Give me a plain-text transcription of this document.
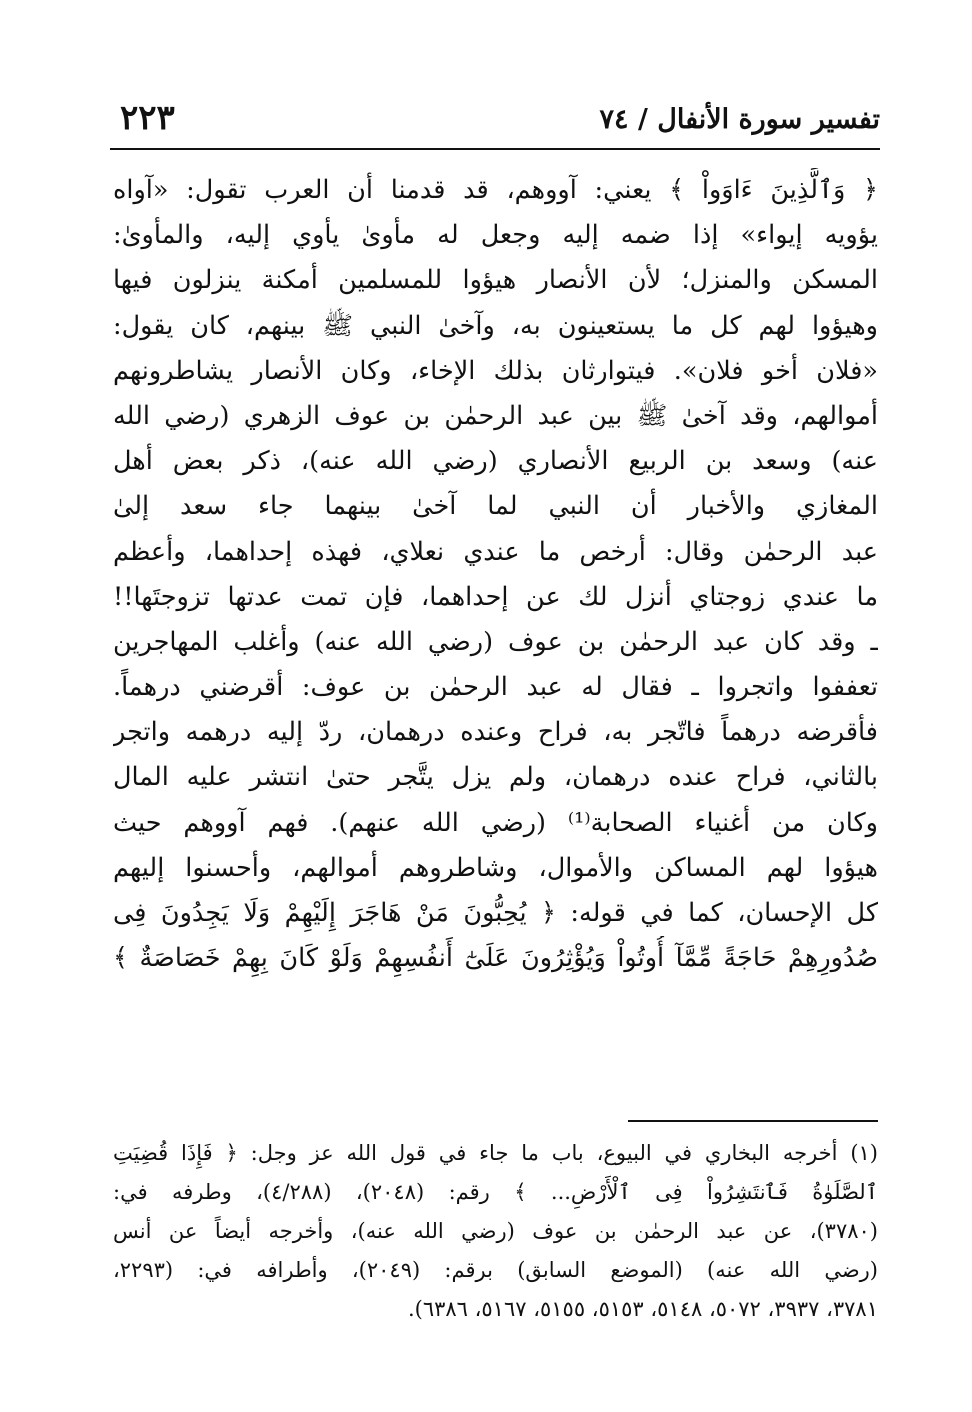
تفسير سورة الأنفال / ٧٤
٢٢٣
﴿ وَٱلَّذِينَ ءَاوَواْ ﴾ يعني: آووهم، قد قدمنا أن العرب تقول: «آواه
يؤويه إيواء» إذا ضمه إليه وجعل له مأوىٰ يأوي إليه، والمأوىٰ:
المسكن والمنزل؛ لأن الأنصار هيؤوا للمسلمين أمكنة ينزلون فيها
وهيؤوا لهم كل ما يستعينون به، وآخىٰ النبي ﷺ بينهم، كان يقول:
«فلان أخو فلان». فيتوارثان بذلك الإخاء، وكان الأنصار يشاطرونهم
أموالهم، وقد آخىٰ ﷺ بين عبد الرحمٰن بن عوف الزهري (رضي الله
عنه) وسعد بن الربيع الأنصاري (رضي الله عنه)، ذكر بعض أهل
المغازي والأخبار أن النبي لما آخىٰ بينهما جاء سعد إلىٰ
عبد الرحمٰن وقال: أرخص ما عندي نعلاي، فهذه إحداهما، وأعظم
ما عندي زوجتاي أنزل لك عن إحداهما، فإن تمت عدتها تزوجتَها!!
ـ وقد كان عبد الرحمٰن بن عوف (رضي الله عنه) وأغلب المهاجرين
تعففوا واتجروا ـ فقال له عبد الرحمٰن بن عوف: أقرضني درهماً.
فأقرضه درهماً فاتّجر به، فراح وعنده درهمان، ردّ إليه درهمه واتجر
بالثاني، فراح عنده درهمان، ولم يزل يتَّجر حتىٰ انتشر عليه المال
وكان من أغنياء الصحابة⁽¹⁾ (رضي الله عنهم). فهم آووهم حيث
هيؤوا لهم المساكن والأموال، وشاطروهم أموالهم، وأحسنوا إليهم
كل الإحسان، كما في قوله: ﴿ يُحِبُّونَ مَنْ هَاجَرَ إِلَيْهِمْ وَلَا يَجِدُونَ فِى
صُدُورِهِمْ حَاجَةً مِّمَّآ أُوتُواْ وَيُؤْثِرُونَ عَلَىٰٓ أَنفُسِهِمْ وَلَوْ كَانَ بِهِمْ خَصَاصَةٌ ﴾
(١) أخرجه البخاري في البيوع، باب ما جاء في قول الله عز وجل: ﴿ فَإِذَا قُضِيَتِ
ٱلصَّلَوٰةُ فَٱنتَشِرُواْ فِى ٱلْأَرْضِ... ﴾ رقم: (٢٠٤٨)، (٤/٢٨٨)، وطرفه في:
(٣٧٨٠)، عن عبد الرحمٰن بن عوف (رضي الله عنه)، وأخرجه أيضاً عن أنس
(رضي الله عنه) (الموضع السابق) برقم: (٢٠٤٩)، وأطرافه في: (٢٢٩٣،
٣٧٨١، ٣٩٣٧، ٥٠٧٢، ٥١٤٨، ٥١٥٣، ٥١٥٥، ٥١٦٧، ٦٣٨٦).
